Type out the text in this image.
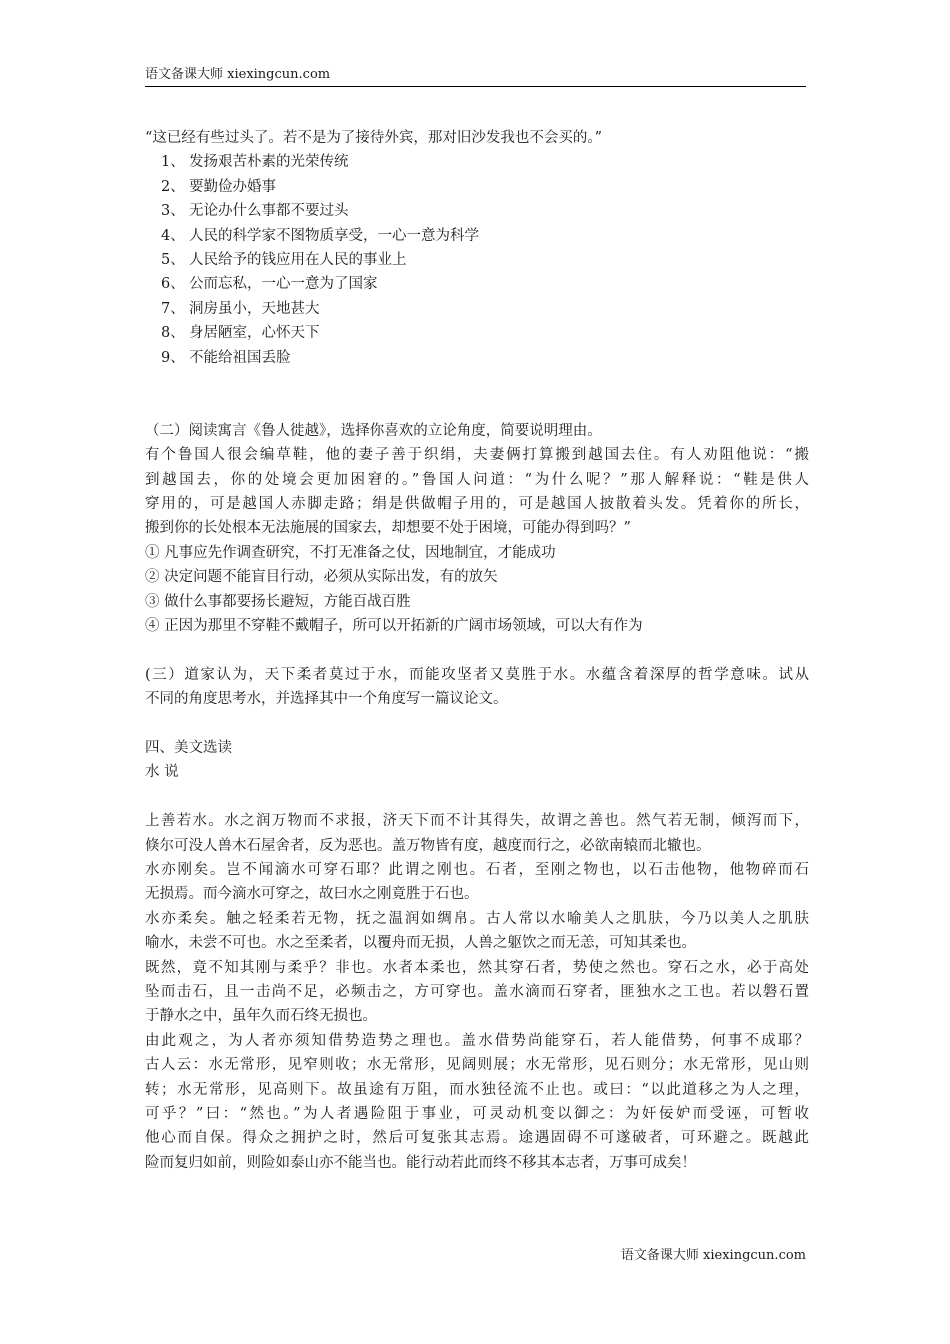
语文备课大师 xiexingcun.com
“这已经有些过头了。若不是为了接待外宾，那对旧沙发我也不会买的。”
1、 发扬艰苦朴素的光荣传统
2、 要勤俭办婚事
3、 无论办什么事都不要过头
4、 人民的科学家不图物质享受，一心一意为科学
5、 人民给予的钱应用在人民的事业上
6、 公而忘私，一心一意为了国家
7、 洞房虽小，天地甚大
8、 身居陋室，心怀天下
9、 不能给祖国丢脸
（二）阅读寓言《鲁人徙越》，选择你喜欢的立论角度，简要说明理由。
有个鲁国人很会编草鞋，他的妻子善于织绢，夫妻俩打算搬到越国去住。有人劝阻他说：“搬
到越国去，你的处境会更加困窘的。”鲁国人问道：“为什么呢？”那人解释说：“鞋是供人
穿用的，可是越国人赤脚走路；绢是供做帽子用的，可是越国人披散着头发。凭着你的所长，
搬到你的长处根本无法施展的国家去，却想要不处于困境，可能办得到吗？”
① 凡事应先作调查研究，不打无准备之仗，因地制宜，才能成功
② 决定问题不能盲目行动，必须从实际出发，有的放矢
③ 做什么事都要扬长避短，方能百战百胜
④ 正因为那里不穿鞋不戴帽子，所可以开拓新的广阔市场领域，可以大有作为
(三）道家认为，天下柔者莫过于水，而能攻坚者又莫胜于水。水蕴含着深厚的哲学意味。试从
不同的角度思考水，并选择其中一个角度写一篇议论文。
四、美文选读
水 说
上善若水。水之润万物而不求报，济天下而不计其得失，故谓之善也。然气若无制，倾泻而下，
倏尔可没人兽木石屋舍者，反为恶也。盖万物皆有度，越度而行之，必欲南辕而北辙也。
水亦刚矣。岂不闻滴水可穿石耶？此谓之刚也。石者，至刚之物也，以石击他物，他物碎而石
无损焉。而今滴水可穿之，故曰水之刚竟胜于石也。
水亦柔矣。触之轻柔若无物，抚之温润如绸帛。古人常以水喻美人之肌肤，今乃以美人之肌肤
喻水，未尝不可也。水之至柔者，以覆舟而无损，人兽之躯饮之而无恙，可知其柔也。
既然，竟不知其刚与柔乎？非也。水者本柔也，然其穿石者，势使之然也。穿石之水，必于高处
坠而击石，且一击尚不足，必频击之，方可穿也。盖水滴而石穿者，匪独水之工也。若以磐石置
于静水之中，虽年久而石终无损也。
由此观之，为人者亦须知借势造势之理也。盖水借势尚能穿石，若人能借势，何事不成耶？
古人云：水无常形，见窄则收；水无常形，见阔则展；水无常形，见石则分；水无常形，见山则
转；水无常形，见高则下。故虽途有万阻，而水独径流不止也。或曰：“以此道移之为人之理，
可乎？”曰：“然也。”为人者遇险阻于事业，可灵动机变以御之：为奸佞妒而受诬，可暂收
他心而自保。得众之拥护之时，然后可复张其志焉。途遇固碍不可遂破者，可环避之。既越此
险而复归如前，则险如泰山亦不能当也。能行动若此而终不移其本志者，万事可成矣！
语文备课大师 xiexingcun.com
